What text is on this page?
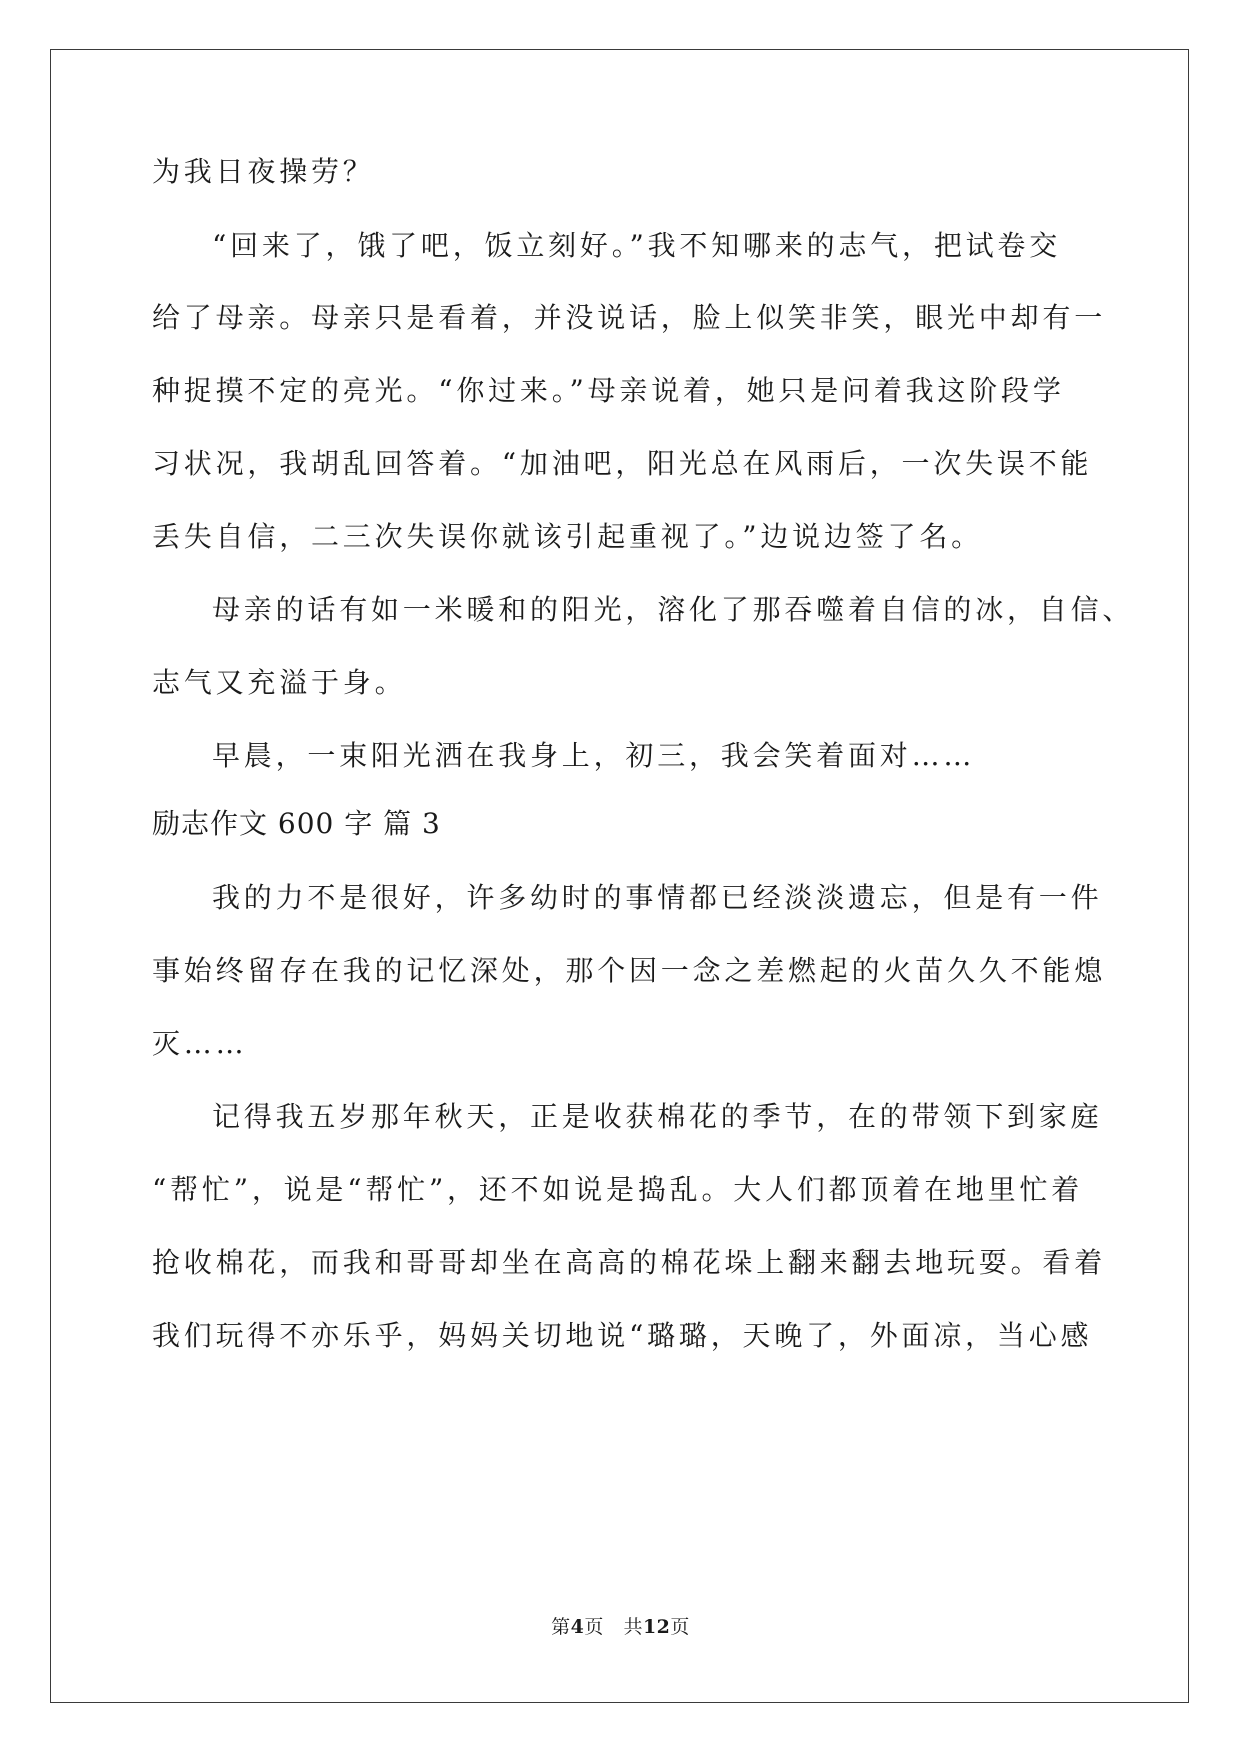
为我日夜操劳？
“回来了，饿了吧，饭立刻好。”我不知哪来的志气，把试卷交
给了母亲。母亲只是看着，并没说话，脸上似笑非笑，眼光中却有一
种捉摸不定的亮光。“你过来。”母亲说着，她只是问着我这阶段学
习状况，我胡乱回答着。“加油吧，阳光总在风雨后，一次失误不能
丢失自信，二三次失误你就该引起重视了。”边说边签了名。
母亲的话有如一米暖和的阳光，溶化了那吞噬着自信的冰，自信、
志气又充溢于身。
早晨，一束阳光洒在我身上，初三，我会笑着面对……
励志作文 600 字 篇 3
我的力不是很好，许多幼时的事情都已经淡淡遗忘，但是有一件
事始终留存在我的记忆深处，那个因一念之差燃起的火苗久久不能熄
灭……
记得我五岁那年秋天，正是收获棉花的季节，在的带领下到家庭
“帮忙”，说是“帮忙”，还不如说是捣乱。大人们都顶着在地里忙着
抢收棉花，而我和哥哥却坐在高高的棉花垛上翻来翻去地玩耍。看着
我们玩得不亦乐乎，妈妈关切地说“璐璐，天晚了，外面凉，当心感
第4页   共12页
